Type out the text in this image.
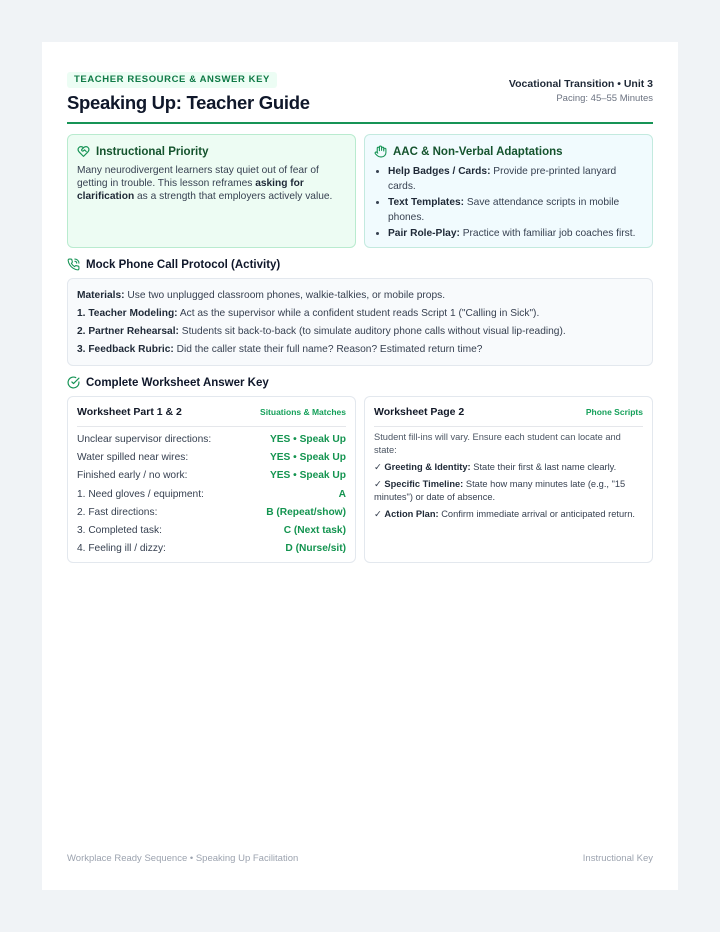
TEACHER RESOURCE & ANSWER KEY
Speaking Up: Teacher Guide
Vocational Transition • Unit 3
Pacing: 45–55 Minutes
Instructional Priority
Many neurodivergent learners stay quiet out of fear of getting in trouble. This lesson reframes asking for clarification as a strength that employers actively value.
AAC & Non-Verbal Adaptations
• Help Badges / Cards: Provide pre-printed lanyard cards.
• Text Templates: Save attendance scripts in mobile phones.
• Pair Role-Play: Practice with familiar job coaches first.
Mock Phone Call Protocol (Activity)
Materials: Use two unplugged classroom phones, walkie-talkies, or mobile props.
1. Teacher Modeling: Act as the supervisor while a confident student reads Script 1 ("Calling in Sick").
2. Partner Rehearsal: Students sit back-to-back (to simulate auditory phone calls without visual lip-reading).
3. Feedback Rubric: Did the caller state their full name? Reason? Estimated return time?
Complete Worksheet Answer Key
Worksheet Part 1 & 2	Situations & Matches
Unclear supervisor directions:	YES • Speak Up
Water spilled near wires:	YES • Speak Up
Finished early / no work:	YES • Speak Up
1. Need gloves / equipment:	A
2. Fast directions:	B (Repeat/show)
3. Completed task:	C (Next task)
4. Feeling ill / dizzy:	D (Nurse/sit)
Worksheet Page 2	Phone Scripts
Student fill-ins will vary. Ensure each student can locate and state:
✓ Greeting & Identity: State their first & last name clearly.
✓ Specific Timeline: State how many minutes late (e.g., "15 minutes") or date of absence.
✓ Action Plan: Confirm immediate arrival or anticipated return.
Workplace Ready Sequence • Speaking Up Facilitation	Instructional Key
